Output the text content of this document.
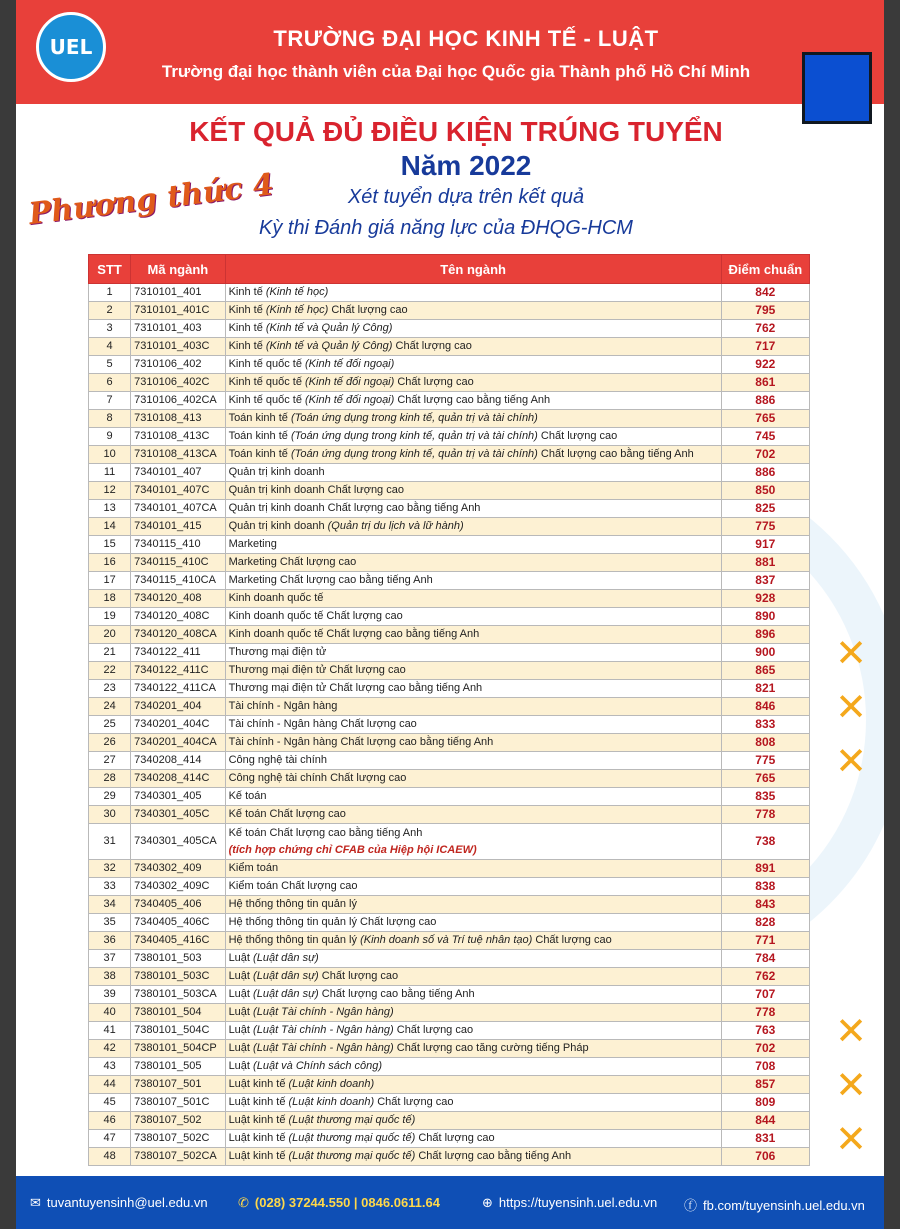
UEL	TRƯỜNG ĐẠI HỌC KINH TẾ - LUẬT
Trường đại học thành viên của Đại học Quốc gia Thành phố Hồ Chí Minh
KẾT QUẢ ĐỦ ĐIỀU KIỆN TRÚNG TUYỂN
Năm 2022
Phương thức 4	Xét tuyển dựa trên kết quả
Kỳ thi Đánh giá năng lực của ĐHQG-HCM
STT	Mã ngành	Tên ngành	Điểm chuẩn
1	7310101_401	Kinh tế (Kinh tế học)	842
2	7310101_401C	Kinh tế (Kinh tế học) Chất lượng cao	795
3	7310101_403	Kinh tế (Kinh tế và Quản lý Công)	762
4	7310101_403C	Kinh tế (Kinh tế và Quản lý Công) Chất lượng cao	717
5	7310106_402	Kinh tế quốc tế (Kinh tế đối ngoại)	922
6	7310106_402C	Kinh tế quốc tế (Kinh tế đối ngoại) Chất lượng cao	861
7	7310106_402CA	Kinh tế quốc tế (Kinh tế đối ngoại) Chất lượng cao bằng tiếng Anh	886
8	7310108_413	Toán kinh tế (Toán ứng dụng trong kinh tế, quản trị và tài chính)	765
9	7310108_413C	Toán kinh tế (Toán ứng dụng trong kinh tế, quản trị và tài chính) Chất lượng cao	745
10	7310108_413CA	Toán kinh tế (Toán ứng dụng trong kinh tế, quản trị và tài chính) Chất lượng cao bằng tiếng Anh	702
11	7340101_407	Quản trị kinh doanh	886
12	7340101_407C	Quản trị kinh doanh Chất lượng cao	850
13	7340101_407CA	Quản trị kinh doanh Chất lượng cao bằng tiếng Anh	825
14	7340101_415	Quản trị kinh doanh (Quản trị du lịch và lữ hành)	775
15	7340115_410	Marketing	917
16	7340115_410C	Marketing Chất lượng cao	881
17	7340115_410CA	Marketing Chất lượng cao bằng tiếng Anh	837
18	7340120_408	Kinh doanh quốc tế	928
19	7340120_408C	Kinh doanh quốc tế Chất lượng cao	890
20	7340120_408CA	Kinh doanh quốc tế Chất lượng cao bằng tiếng Anh	896
21	7340122_411	Thương mại điện tử	900
22	7340122_411C	Thương mại điện tử Chất lượng cao	865
23	7340122_411CA	Thương mại điện tử Chất lượng cao bằng tiếng Anh	821
24	7340201_404	Tài chính - Ngân hàng	846
25	7340201_404C	Tài chính - Ngân hàng Chất lượng cao	833
26	7340201_404CA	Tài chính - Ngân hàng Chất lượng cao bằng tiếng Anh	808
27	7340208_414	Công nghệ tài chính	775
28	7340208_414C	Công nghệ tài chính Chất lượng cao	765
29	7340301_405	Kế toán	835
30	7340301_405C	Kế toán Chất lượng cao	778
31	7340301_405CA	Kế toán Chất lượng cao bằng tiếng Anh
(tích hợp chứng chỉ CFAB của Hiệp hội ICAEW)	738
32	7340302_409	Kiểm toán	891
33	7340302_409C	Kiểm toán Chất lượng cao	838
34	7340405_406	Hệ thống thông tin quản lý	843
35	7340405_406C	Hệ thống thông tin quản lý Chất lượng cao	828
36	7340405_416C	Hệ thống thông tin quản lý (Kinh doanh số và Trí tuệ nhân tạo) Chất lượng cao	771
37	7380101_503	Luật (Luật dân sự)	784
38	7380101_503C	Luật (Luật dân sự) Chất lượng cao	762
39	7380101_503CA	Luật (Luật dân sự) Chất lượng cao bằng tiếng Anh	707
40	7380101_504	Luật (Luật Tài chính - Ngân hàng)	778
41	7380101_504C	Luật (Luật Tài chính - Ngân hàng) Chất lượng cao	763
42	7380101_504CP	Luật (Luật Tài chính - Ngân hàng) Chất lượng cao tăng cường tiếng Pháp	702
43	7380101_505	Luật (Luật và Chính sách công)	708
44	7380107_501	Luật kinh tế (Luật kinh doanh)	857
45	7380107_501C	Luật kinh tế (Luật kinh doanh) Chất lượng cao	809
46	7380107_502	Luật kinh tế (Luật thương mại quốc tế)	844
47	7380107_502C	Luật kinh tế (Luật thương mại quốc tế) Chất lượng cao	831
48	7380107_502CA	Luật kinh tế (Luật thương mại quốc tế) Chất lượng cao bằng tiếng Anh	706
✕
✕
✕
✕
✕
✕
✉ tuvantuyensinh@uel.edu.vn ✆ (028) 37244.550 | 0846.0611.64	⊕ https://tuyensinh.uel.edu.vn ⓕ fb.com/tuyensinh.uel.edu.vn
